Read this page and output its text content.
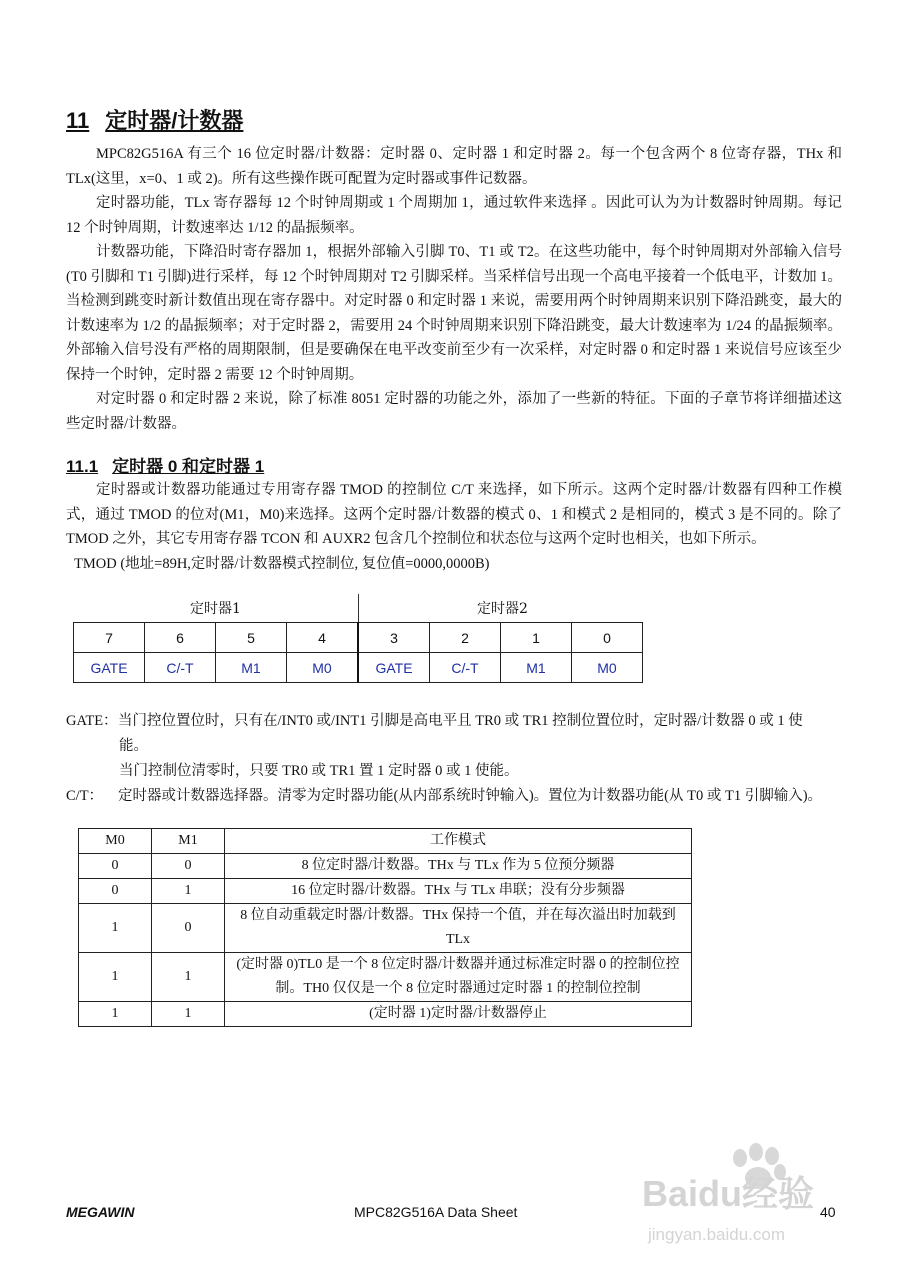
11 定时器/计数器
MPC82G516A 有三个 16 位定时器/计数器：定时器 0、定时器 1 和定时器 2。每一个包含两个 8 位寄存器，THx 和 TLx(这里，x=0、1 或 2)。所有这些操作既可配置为定时器或事件记数器。
定时器功能，TLx 寄存器每 12 个时钟周期或 1 个周期加 1，通过软件来选择 。因此可认为为计数器时钟周期。每记 12 个时钟周期，计数速率达 1/12 的晶振频率。
计数器功能，下降沿时寄存器加 1，根据外部输入引脚 T0、T1 或 T2。在这些功能中，每个时钟周期对外部输入信号(T0 引脚和 T1 引脚)进行采样，每 12 个时钟周期对 T2 引脚采样。当采样信号出现一个高电平接着一个低电平，计数加 1。当检测到跳变时新计数值出现在寄存器中。对定时器 0 和定时器 1 来说，需要用两个时钟周期来识别下降沿跳变，最大的计数速率为 1/2 的晶振频率；对于定时器 2，需要用 24 个时钟周期来识别下降沿跳变，最大计数速率为 1/24 的晶振频率。外部输入信号没有严格的周期限制，但是要确保在电平改变前至少有一次采样，对定时器 0 和定时器 1 来说信号应该至少保持一个时钟，定时器 2 需要 12 个时钟周期。
对定时器 0 和定时器 2 来说，除了标准 8051 定时器的功能之外，添加了一些新的特征。下面的子章节将详细描述这些定时器/计数器。
11.1 定时器 0 和定时器 1
定时器或计数器功能通过专用寄存器 TMOD 的控制位 C/T 来选择，如下所示。这两个定时器/计数器有四种工作模式，通过 TMOD 的位对(M1，M0)来选择。这两个定时器/计数器的模式 0、1 和模式 2 是相同的，模式 3 是不同的。除了 TMOD 之外，其它专用寄存器 TCON 和 AUXR2 包含几个控制位和状态位与这两个定时也相关，也如下所示。
TMOD (地址=89H,定时器/计数器模式控制位, 复位值=0000,0000B)
定时器1	定时器2
7	6	5	4	3	2	1	0
GATE	C/-T	M1	M0	GATE	C/-T	M1	M0
GATE：当门控位置位时，只有在/INT0 或/INT1 引脚是高电平且 TR0 或 TR1 控制位置位时，定时器/计数器 0 或 1 使
能。
当门控制位清零时，只要 TR0 或 TR1 置 1 定时器 0 或 1 使能。
C/T： 定时器或计数器选择器。清零为定时器功能(从内部系统时钟输入)。置位为计数器功能(从 T0 或 T1 引脚输入)。
M0	M1	工作模式
0	0	8 位定时器/计数器。THx 与 TLx 作为 5 位预分频器
0	1	16 位定时器/计数器。THx 与 TLx 串联；没有分步频器
1	0	8 位自动重载定时器/计数器。THx 保持一个值，并在每次溢出时加载到 TLx
1	1	(定时器 0)TL0 是一个 8 位定时器/计数器并通过标准定时器 0 的控制位控制。TH0 仅仅是一个 8 位定时器通过定时器 1 的控制位控制
1	1	(定时器 1)定时器/计数器停止
Baidu经验
jingyan.baidu.com
MEGAWIN	MPC82G516A Data Sheet	40
